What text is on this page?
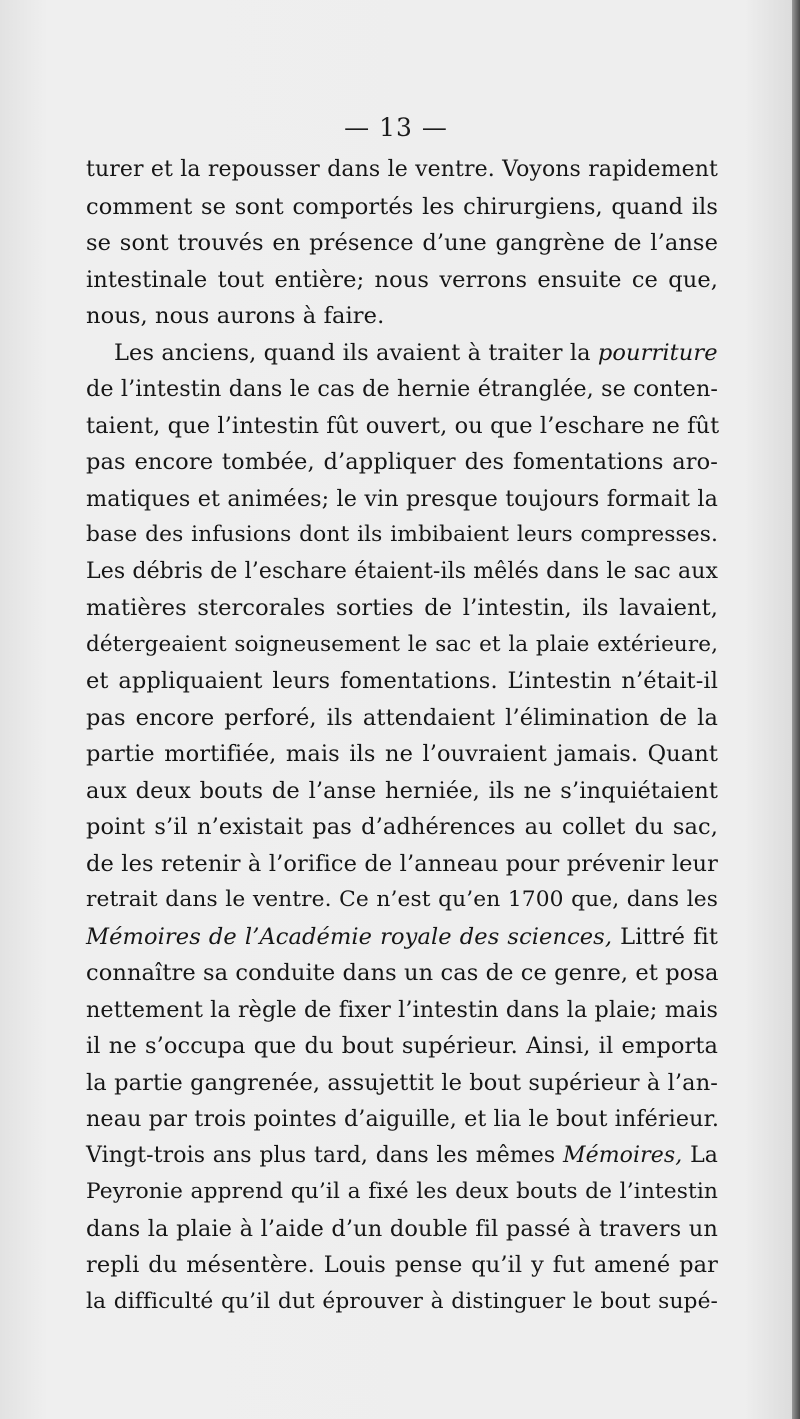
— 13 —
turer et la repousser dans le ventre. Voyons rapidement
comment se sont comportés les chirurgiens, quand ils
se sont trouvés en présence d’une gangrène de l’anse
intestinale tout entière; nous verrons ensuite ce que,
nous, nous aurons à faire.
Les anciens, quand ils avaient à traiter la pourriture
de l’intestin dans le cas de hernie étranglée, se conten-
taient, que l’intestin fût ouvert, ou que l’eschare ne fût
pas encore tombée, d’appliquer des fomentations aro-
matiques et animées; le vin presque toujours formait la
base des infusions dont ils imbibaient leurs compresses.
Les débris de l’eschare étaient-ils mêlés dans le sac aux
matières stercorales sorties de l’intestin, ils lavaient,
détergeaient soigneusement le sac et la plaie extérieure,
et appliquaient leurs fomentations. L’intestin n’était-il
pas encore perforé, ils attendaient l’élimination de la
partie mortifiée, mais ils ne l’ouvraient jamais. Quant
aux deux bouts de l’anse herniée, ils ne s’inquiétaient
point s’il n’existait pas d’adhérences au collet du sac,
de les retenir à l’orifice de l’anneau pour prévenir leur
retrait dans le ventre. Ce n’est qu’en 1700 que, dans les
Mémoires de l’Académie royale des sciences, Littré fit
connaître sa conduite dans un cas de ce genre, et posa
nettement la règle de fixer l’intestin dans la plaie; mais
il ne s’occupa que du bout supérieur. Ainsi, il emporta
la partie gangrenée, assujettit le bout supérieur à l’an-
neau par trois pointes d’aiguille, et lia le bout inférieur.
Vingt-trois ans plus tard, dans les mêmes Mémoires, La
Peyronie apprend qu’il a fixé les deux bouts de l’intestin
dans la plaie à l’aide d’un double fil passé à travers un
repli du mésentère. Louis pense qu’il y fut amené par
la difficulté qu’il dut éprouver à distinguer le bout supé-
